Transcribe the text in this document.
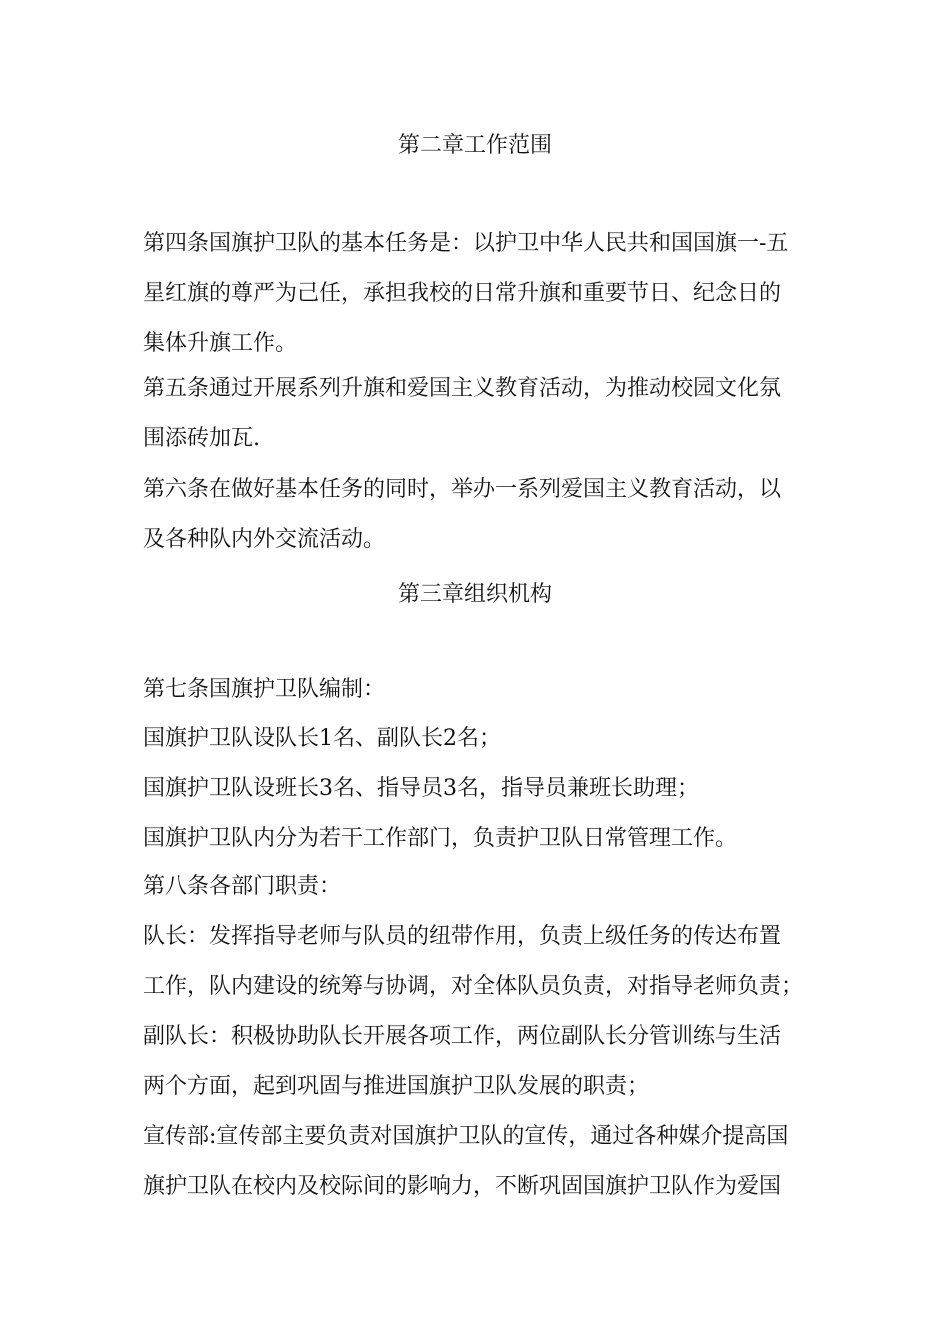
第二章工作范围
第四条国旗护卫队的基本任务是：以护卫中华人民共和国国旗一-五
星红旗的尊严为己任，承担我校的日常升旗和重要节日、纪念日的
集体升旗工作。
第五条通过开展系列升旗和爱国主义教育活动，为推动校园文化氛
围添砖加瓦.
第六条在做好基本任务的同时，举办一系列爱国主义教育活动，以
及各种队内外交流活动。
第三章组织机构
第七条国旗护卫队编制：
国旗护卫队设队长1名、副队长2名；
国旗护卫队设班长3名、指导员3名，指导员兼班长助理；
国旗护卫队内分为若干工作部门，负责护卫队日常管理工作。
第八条各部门职责：
队长：发挥指导老师与队员的纽带作用，负责上级任务的传达布置
工作，队内建设的统筹与协调，对全体队员负责，对指导老师负责；
副队长：积极协助队长开展各项工作，两位副队长分管训练与生活
两个方面，起到巩固与推进国旗护卫队发展的职责；
宣传部:宣传部主要负责对国旗护卫队的宣传，通过各种媒介提高国
旗护卫队在校内及校际间的影响力，不断巩固国旗护卫队作为爱国
